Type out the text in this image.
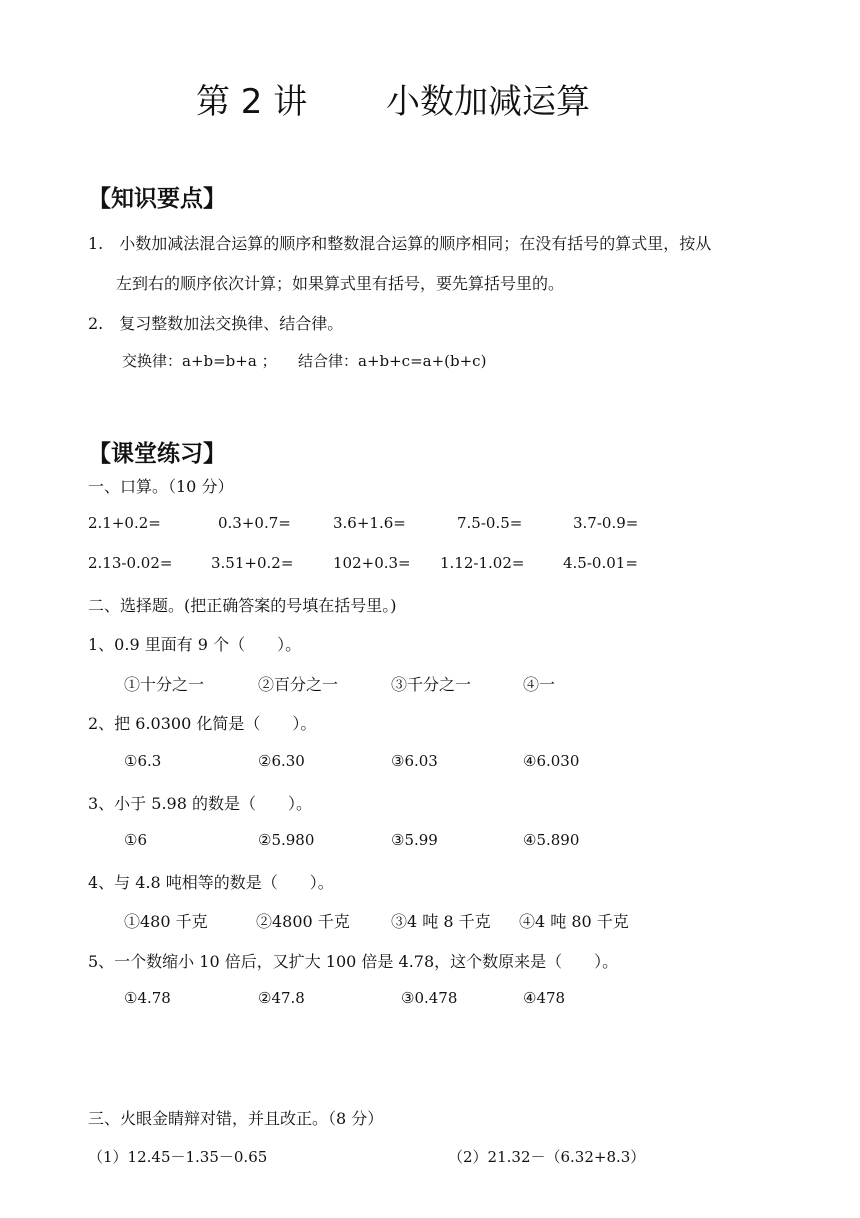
第 2 讲 小数加减运算
【知识要点】
1.　小数加减法混合运算的顺序和整数混合运算的顺序相同；在没有括号的算式里，按从
左到右的顺序依次计算；如果算式里有括号，要先算括号里的。
2.　复习整数加法交换律、结合律。
交换律：a+b=b+a ； 结合律：a+b+c=a+(b+c)
【课堂练习】
一、口算。（10 分）
2.1+0.2=	0.3+0.7=	3.6+1.6=	7.5-0.5=	3.7-0.9=
2.13-0.02=	3.51+0.2=	102+0.3= 1.12-1.02=	4.5-0.01=
二、选择题。(把正确答案的号填在括号里。)
1、0.9 里面有 9 个（　　）。
①十分之一	②百分之一	③千分之一	④一
2、把 6.0300 化简是（　　）。
①6.3	②6.30	③6.03	④6.030
3、小于 5.98 的数是（　　）。
①6	②5.980	③5.99	④5.890
4、与 4.8 吨相等的数是（　　）。
①480 千克	②4800 千克	③4 吨 8 千克 ④4 吨 80 千克
5、一个数缩小 10 倍后，又扩大 100 倍是 4.78，这个数原来是（　　）。
①4.78	②47.8	③0.478	④478
三、火眼金睛辩对错，并且改正。（8 分）
（1）12.45－1.35－0.65	（2）21.32－（6.32+8.3）
